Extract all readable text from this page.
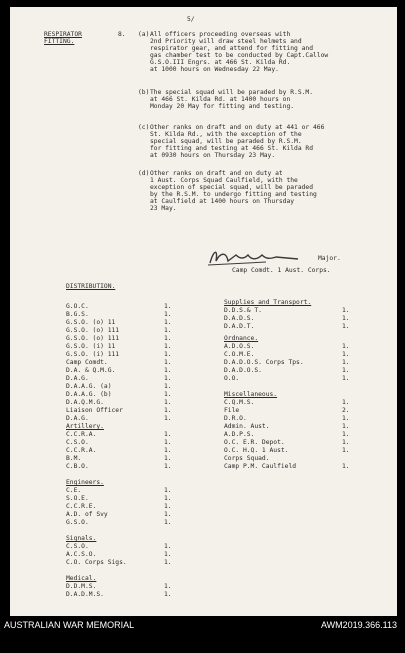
5/
RESPIRATOR
FITTING.
8. (a) All officers proceeding overseas with
2nd Priority will draw steel helmets and
respirator gear, and attend for fitting and
gas chamber test to be conducted by Capt.Callow
G.S.O.III Engrs. at 466 St. Kilda Rd.
at 1000 hours on Wednesday 22 May.
(b) The special squad will be paraded by R.S.M.
at 466 St. Kilda Rd. at 1400 hours on
Monday 20 May for fitting and testing.
(c) Other ranks on draft and on duty at 441 or 466
St. Kilda Rd., with the exception of the
special squad, will be paraded by R.S.M.
for fitting and testing at 466 St. Kilda Rd
at 0930 hours on Thursday 23 May.
(d) Other ranks on draft and on duty at
1 Aust. Corps Squad Caulfield, with the
exception of special squad, will be paraded
by the R.S.M. to undergo fitting and testing
at Caulfield at 1400 hours on Thursday
23 May.
Major.
Camp Comdt. 1 Aust. Corps.
DISTRIBUTION.
G.O.C.	1.
B.G.S.	1.
G.S.O. (o) 11	1.
G.S.O. (o) 111	1.
G.S.O. (o) 111	1.
G.S.O. (i) 11	1.
G.S.O. (i) 111	1.
Camp Comdt.	1.
D.A. & Q.M.G.	1.
D.A.G.	1.
D.A.A.G. (a)	1.
D.A.A.G. (b)	1.
D.A.Q.M.G.	1.
Liaison Officer	1.
D.A.G.	1.
Artillery.
C.C.R.A.	1.
C.S.O.	1.
C.C.R.A.	1.
B.M.	1.
C.B.O.	1.
Engineers.
C.E.	1.
S.O.E.	1.
C.C.R.E.	1.
A.D. of Svy	1.
G.S.O.	1.
Signals.
C.S.O.	1.
A.C.S.O.	1.
C.O. Corps Sigs.	1.
Medical.
D.D.M.S.	1.
D.A.D.M.S.	1.
Supplies and Transport.
D.D.S.& T.	1.
D.A.D.S.	1.
D.A.D.T.	1.
Ordnance.
A.D.O.S.	1.
C.O.M.E.	1.
D.A.D.O.S. Corps Tps.	1.
D.A.D.O.S.	1.
O.O.	1.
Miscellaneous.
C.Q.M.S.	1.
File	2.
D.R.O.	1.
Admin. Aust.	1.
A.D.P.S.	1.
O.C. E.R. Depot.	1.
O.C. H.Q. 1 Aust.	1.
Corps Squad.
Camp P.M. Caulfield	1.
AUSTRALIAN WAR MEMORIAL	AWM2019.366.113
